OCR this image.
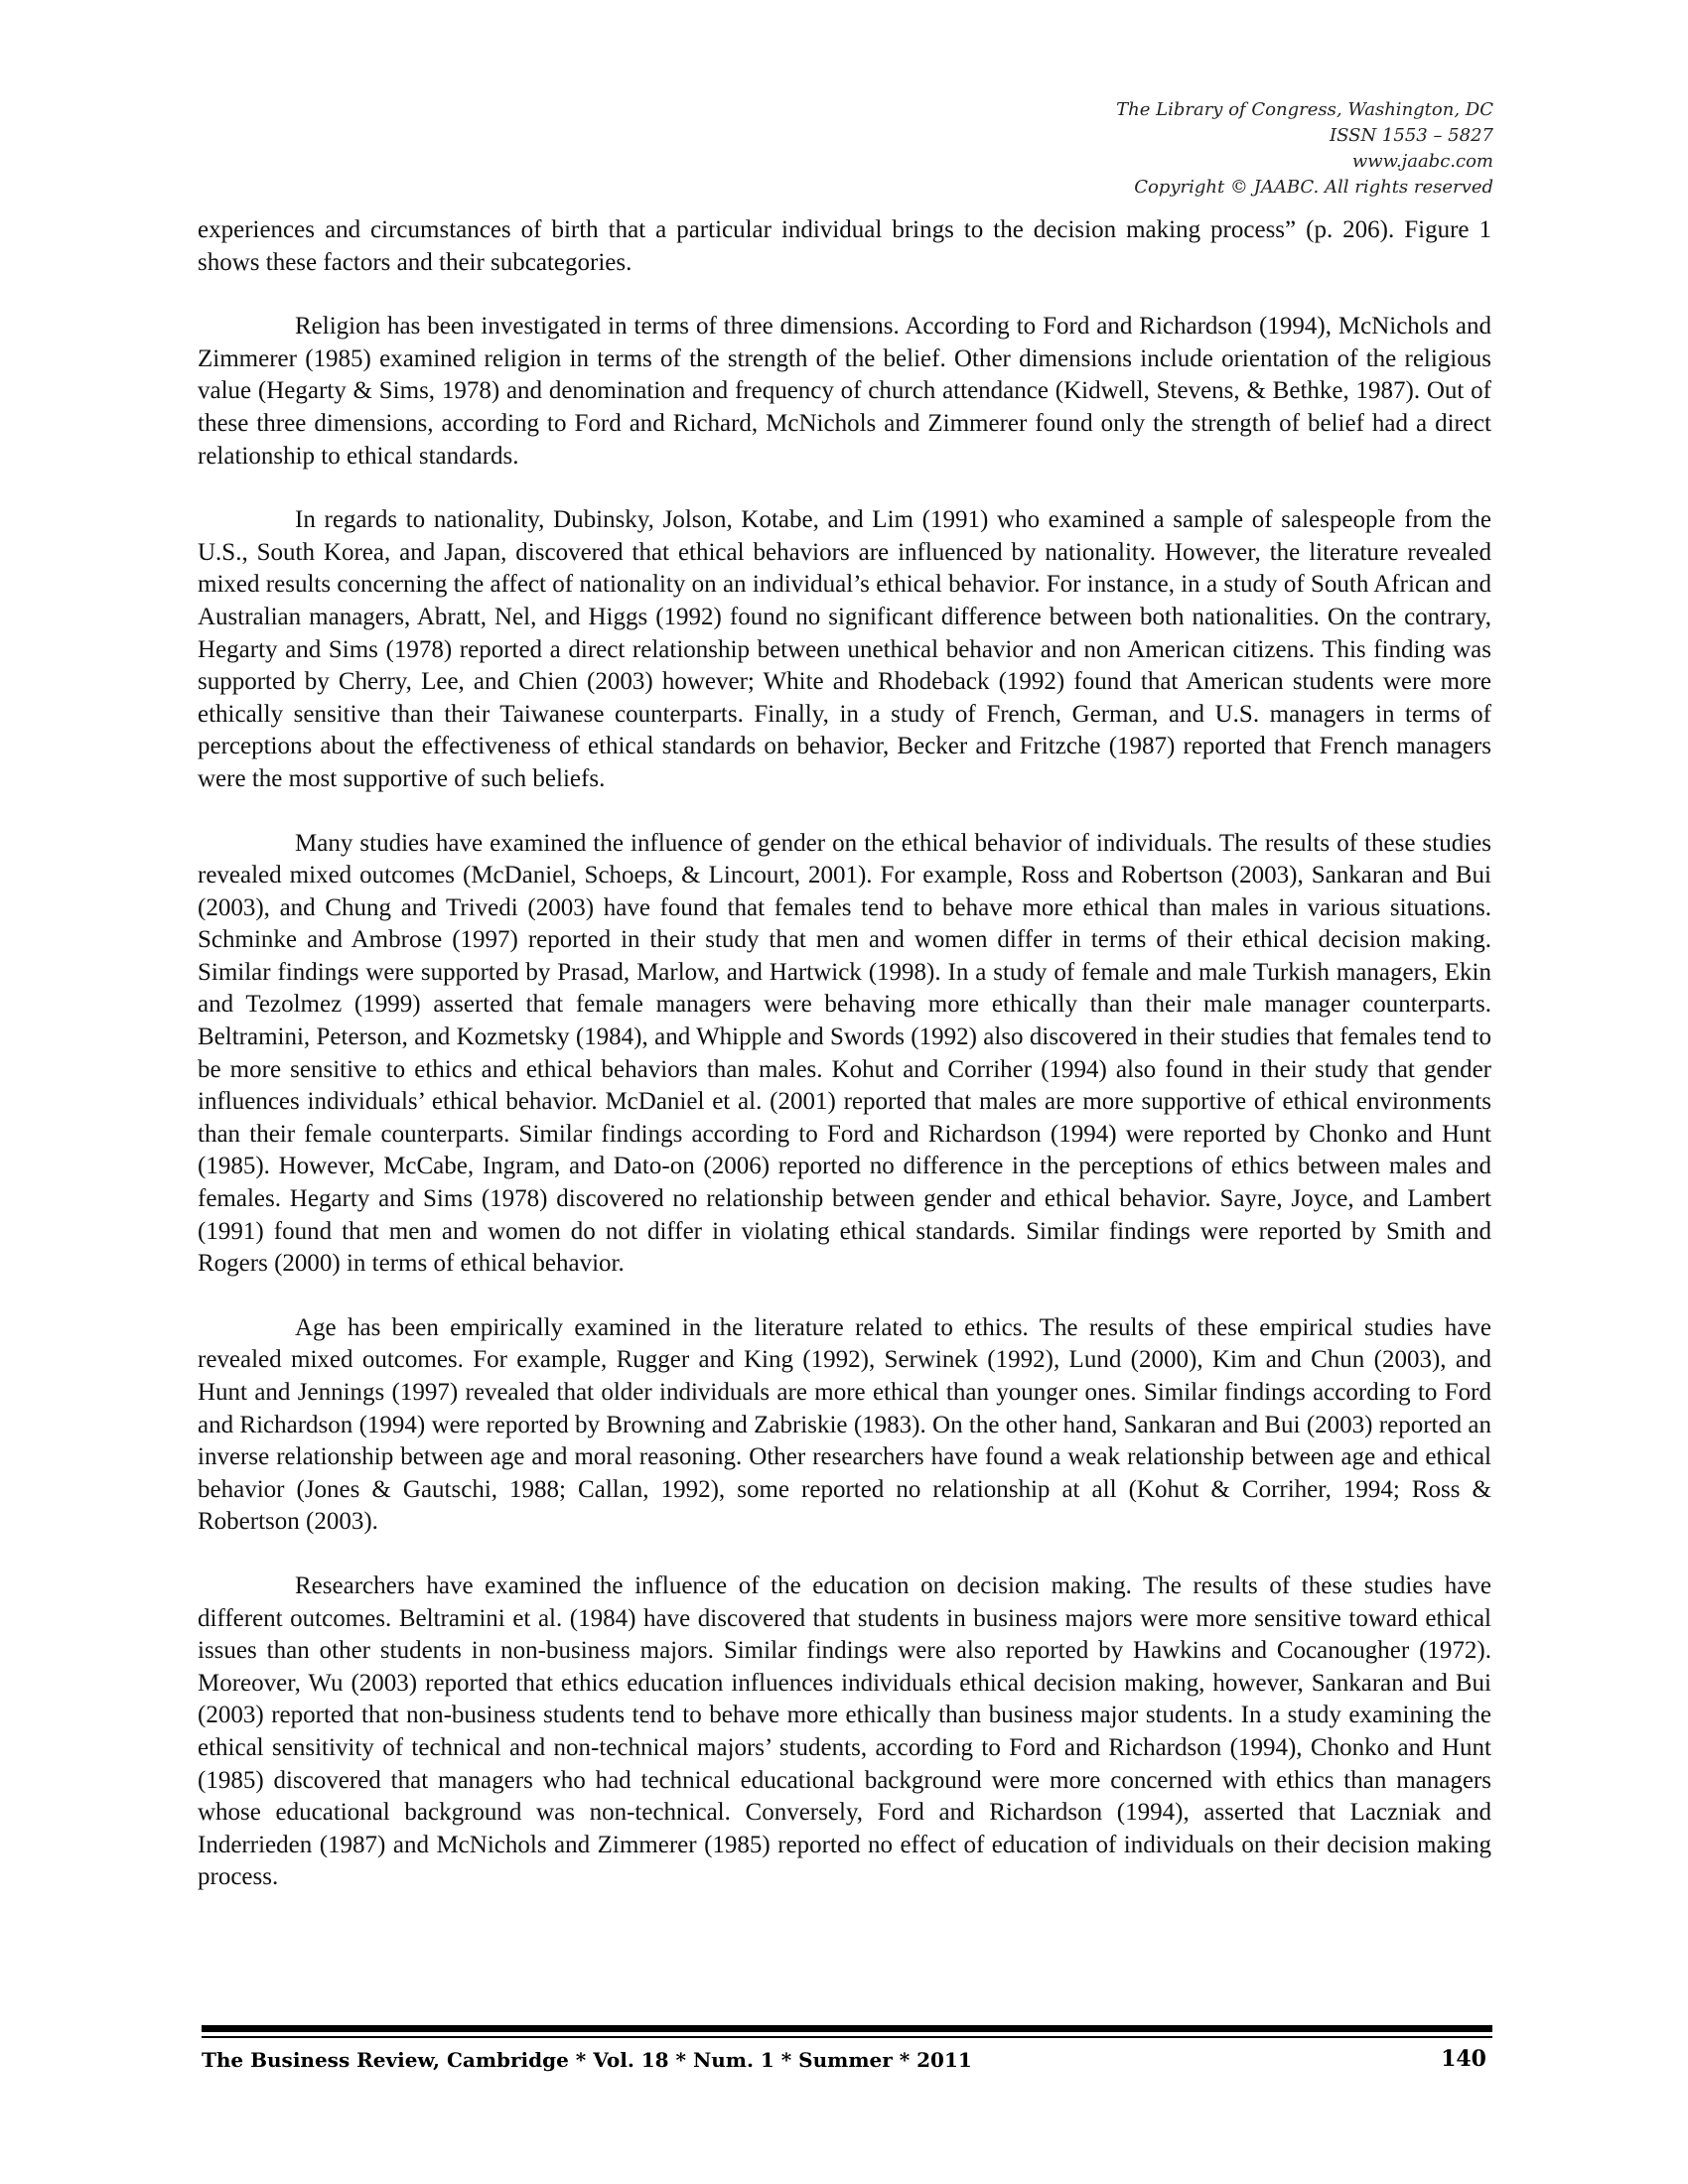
The Library of Congress, Washington, DC
ISSN 1553 – 5827
www.jaabc.com
Copyright © JAABC. All rights reserved

experiences and circumstances of birth that a particular individual brings to the decision making process” (p. 206). Figure 1 shows these factors and their subcategories.

Religion has been investigated in terms of three dimensions. According to Ford and Richardson (1994), McNichols and Zimmerer (1985) examined religion in terms of the strength of the belief. Other dimensions include orientation of the religious value (Hegarty & Sims, 1978) and denomination and frequency of church attendance (Kidwell, Stevens, & Bethke, 1987). Out of these three dimensions, according to Ford and Richard, McNichols and Zimmerer found only the strength of belief had a direct relationship to ethical standards.

In regards to nationality, Dubinsky, Jolson, Kotabe, and Lim (1991) who examined a sample of salespeople from the U.S., South Korea, and Japan, discovered that ethical behaviors are influenced by nationality. However, the literature revealed mixed results concerning the affect of nationality on an individual’s ethical behavior. For instance, in a study of South African and Australian managers, Abratt, Nel, and Higgs (1992) found no significant difference between both nationalities. On the contrary, Hegarty and Sims (1978) reported a direct relationship between unethical behavior and non American citizens. This finding was supported by Cherry, Lee, and Chien (2003) however; White and Rhodeback (1992) found that American students were more ethically sensitive than their Taiwanese counterparts. Finally, in a study of French, German, and U.S. managers in terms of perceptions about the effectiveness of ethical standards on behavior, Becker and Fritzche (1987) reported that French managers were the most supportive of such beliefs.

Many studies have examined the influence of gender on the ethical behavior of individuals. The results of these studies revealed mixed outcomes (McDaniel, Schoeps, & Lincourt, 2001). For example, Ross and Robertson (2003), Sankaran and Bui (2003), and Chung and Trivedi (2003) have found that females tend to behave more ethical than males in various situations. Schminke and Ambrose (1997) reported in their study that men and women differ in terms of their ethical decision making. Similar findings were supported by Prasad, Marlow, and Hartwick (1998). In a study of female and male Turkish managers, Ekin and Tezolmez (1999) asserted that female managers were behaving more ethically than their male manager counterparts. Beltramini, Peterson, and Kozmetsky (1984), and Whipple and Swords (1992) also discovered in their studies that females tend to be more sensitive to ethics and ethical behaviors than males. Kohut and Corriher (1994) also found in their study that gender influences individuals’ ethical behavior. McDaniel et al. (2001) reported that males are more supportive of ethical environments than their female counterparts. Similar findings according to Ford and Richardson (1994) were reported by Chonko and Hunt (1985). However, McCabe, Ingram, and Dato-on (2006) reported no difference in the perceptions of ethics between males and females. Hegarty and Sims (1978) discovered no relationship between gender and ethical behavior. Sayre, Joyce, and Lambert (1991) found that men and women do not differ in violating ethical standards. Similar findings were reported by Smith and Rogers (2000) in terms of ethical behavior.

Age has been empirically examined in the literature related to ethics. The results of these empirical studies have revealed mixed outcomes. For example, Rugger and King (1992), Serwinek (1992), Lund (2000), Kim and Chun (2003), and Hunt and Jennings (1997) revealed that older individuals are more ethical than younger ones. Similar findings according to Ford and Richardson (1994) were reported by Browning and Zabriskie (1983). On the other hand, Sankaran and Bui (2003) reported an inverse relationship between age and moral reasoning. Other researchers have found a weak relationship between age and ethical behavior (Jones & Gautschi, 1988; Callan, 1992), some reported no relationship at all (Kohut & Corriher, 1994; Ross & Robertson (2003).

Researchers have examined the influence of the education on decision making. The results of these studies have different outcomes. Beltramini et al. (1984) have discovered that students in business majors were more sensitive toward ethical issues than other students in non-business majors. Similar findings were also reported by Hawkins and Cocanougher (1972). Moreover, Wu (2003) reported that ethics education influences individuals ethical decision making, however, Sankaran and Bui (2003) reported that non-business students tend to behave more ethically than business major students. In a study examining the ethical sensitivity of technical and non-technical majors’ students, according to Ford and Richardson (1994), Chonko and Hunt (1985) discovered that managers who had technical educational background were more concerned with ethics than managers whose educational background was non-technical. Conversely, Ford and Richardson (1994), asserted that Laczniak and Inderrieden (1987) and McNichols and Zimmerer (1985) reported no effect of education of individuals on their decision making process.

The Business Review, Cambridge * Vol. 18 * Num. 1 * Summer * 2011	140
